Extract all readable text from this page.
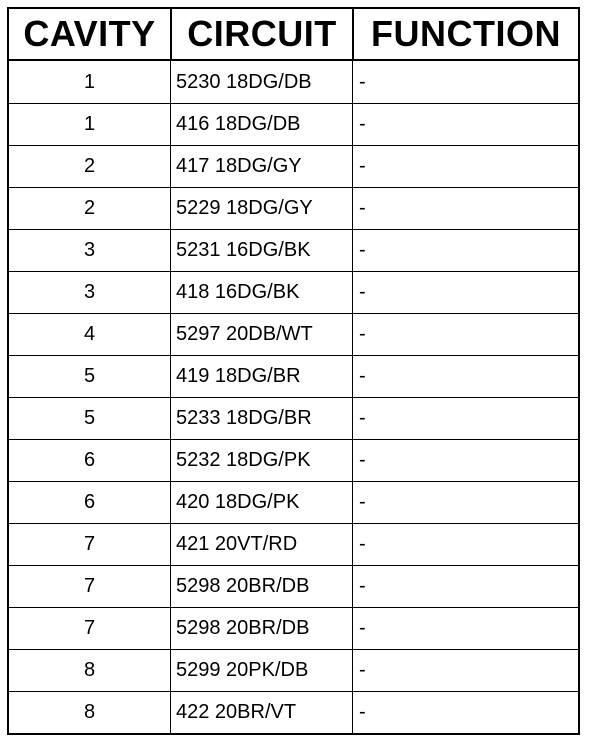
CAVITY CIRCUIT FUNCTION
1	5230 18DG/DB	-
1	416 18DG/DB	-
2	417 18DG/GY	-
2	5229 18DG/GY	-
3	5231 16DG/BK	-
3	418 16DG/BK	-
4	5297 20DB/WT	-
5	419 18DG/BR	-
5	5233 18DG/BR	-
6	5232 18DG/PK	-
6	420 18DG/PK	-
7	421 20VT/RD	-
7	5298 20BR/DB	-
7	5298 20BR/DB	-
8	5299 20PK/DB	-
8	422 20BR/VT	-
